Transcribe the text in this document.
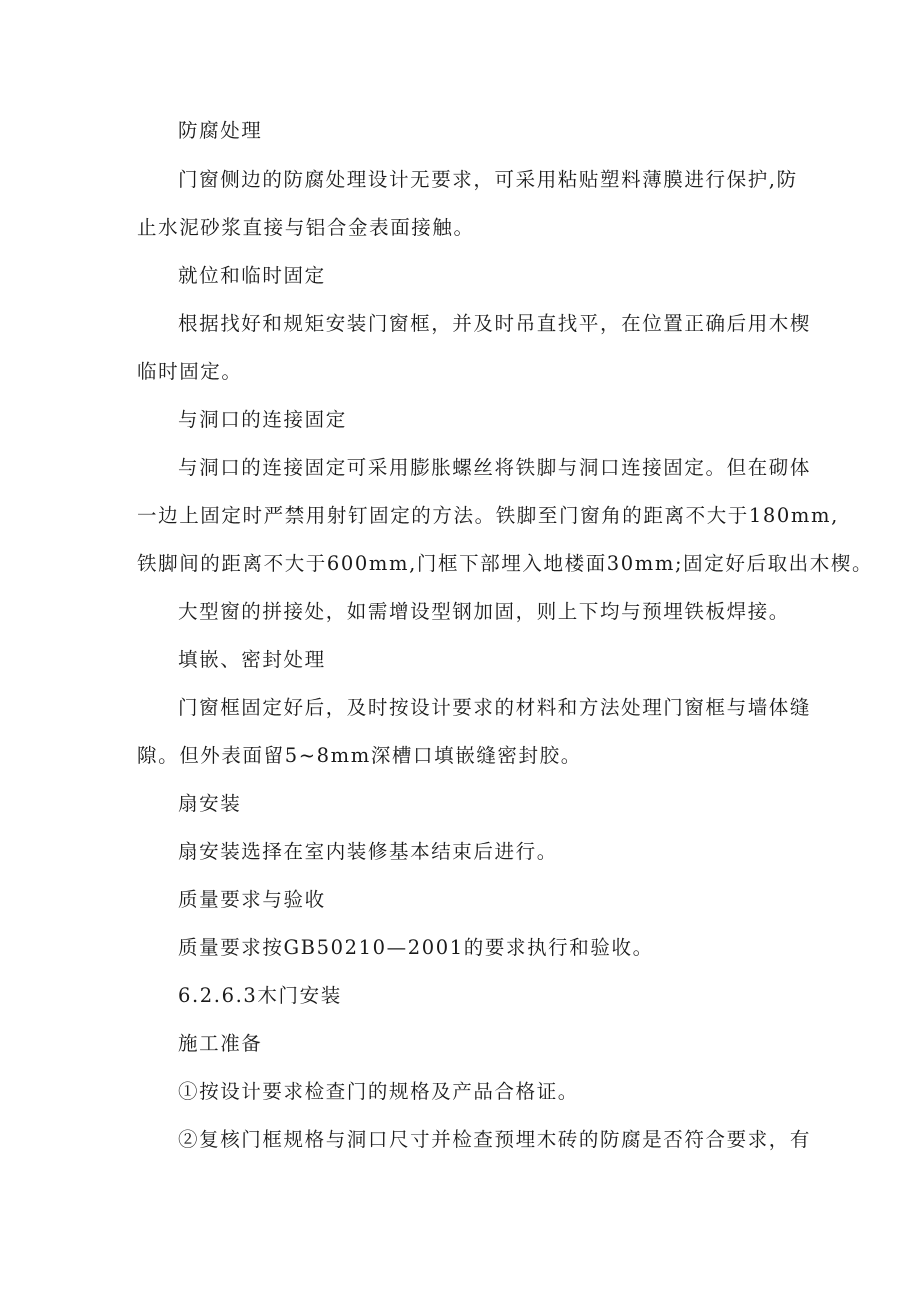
防腐处理
门窗侧边的防腐处理设计无要求，可采用粘贴塑料薄膜进行保护,防
止水泥砂浆直接与铝合金表面接触。
就位和临时固定
根据找好和规矩安装门窗框，并及时吊直找平，在位置正确后用木楔
临时固定。
与洞口的连接固定
与洞口的连接固定可采用膨胀螺丝将铁脚与洞口连接固定。但在砌体
一边上固定时严禁用射钉固定的方法。铁脚至门窗角的距离不大于180mm,
铁脚间的距离不大于600mm,门框下部埋入地楼面30mm;固定好后取出木楔。
大型窗的拼接处，如需增设型钢加固，则上下均与预埋铁板焊接。
填嵌、密封处理
门窗框固定好后，及时按设计要求的材料和方法处理门窗框与墙体缝
隙。但外表面留5~8mm深槽口填嵌缝密封胶。
扇安装
扇安装选择在室内装修基本结束后进行。
质量要求与验收
质量要求按GB50210—2001的要求执行和验收。
6.2.6.3木门安装
施工准备
①按设计要求检查门的规格及产品合格证。
②复核门框规格与洞口尺寸并检查预埋木砖的防腐是否符合要求，有
